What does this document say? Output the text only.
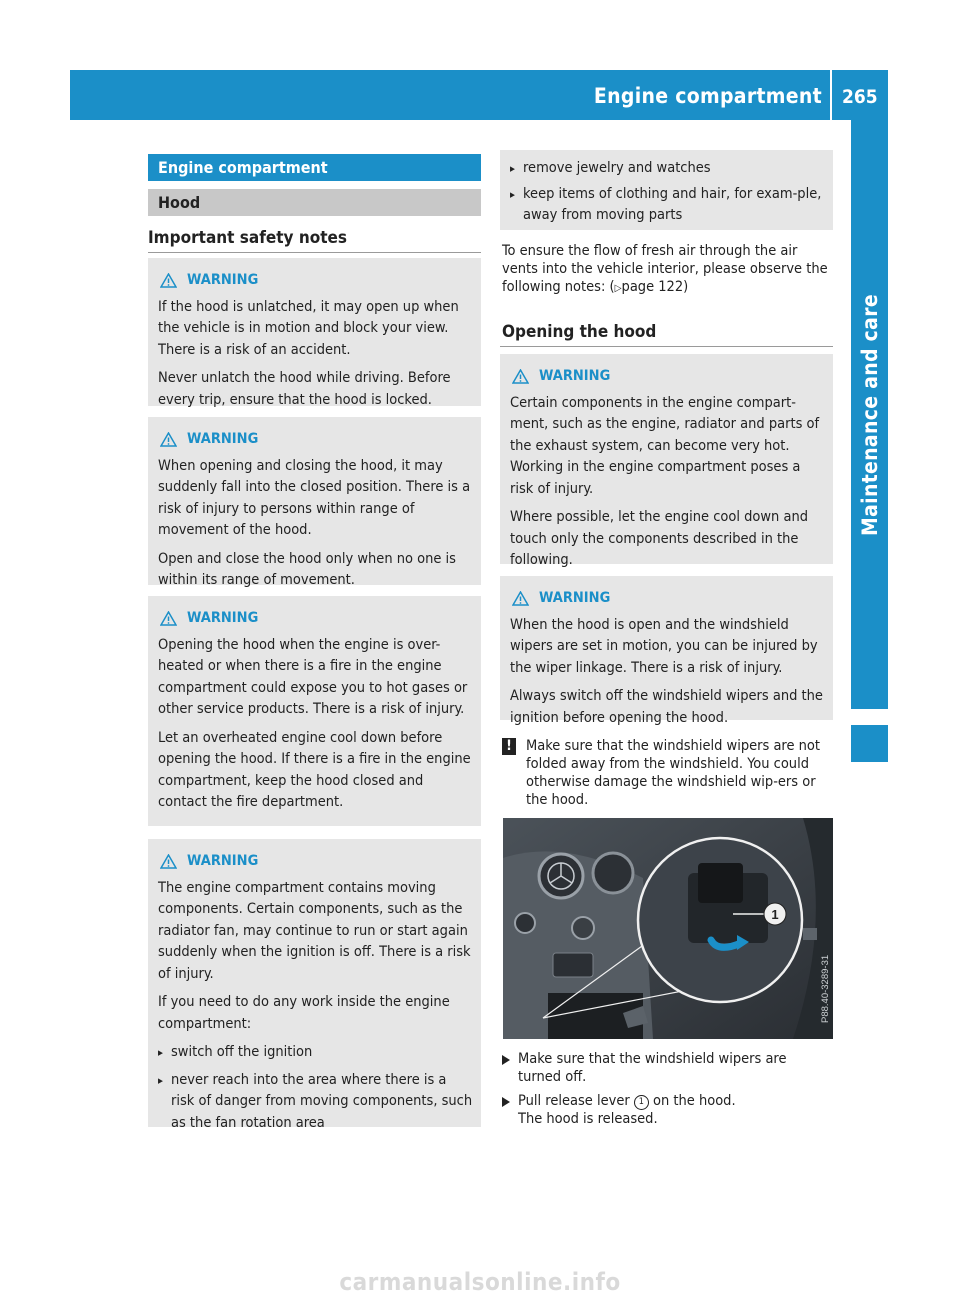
Engine compartment 265
Maintenance and care
Engine compartment
Hood
Important safety notes
WARNING

If the hood is unlatched, it may open up when the vehicle is in motion and block your view. There is a risk of an accident.

Never unlatch the hood while driving. Before every trip, ensure that the hood is locked.

WARNING

When opening and closing the hood, it may suddenly fall into the closed position. There is a risk of injury to persons within range of movement of the hood.

Open and close the hood only when no one is within its range of movement.

WARNING

Opening the hood when the engine is over-heated or when there is a fire in the engine compartment could expose you to hot gases or other service products. There is a risk of injury.

Let an overheated engine cool down before opening the hood. If there is a fire in the engine compartment, keep the hood closed and contact the fire department.

WARNING

The engine compartment contains moving components. Certain components, such as the radiator fan, may continue to run or start again suddenly when the ignition is off. There is a risk of injury.

If you need to do any work inside the engine compartment:

▸ switch off the ignition
▸ never reach into the area where there is a risk of danger from moving components, such as the fan rotation area
▸ remove jewelry and watches
▸ keep items of clothing and hair, for exam-ple, away from moving parts
To ensure the flow of fresh air through the air vents into the vehicle interior, please observe the following notes: (▷page 122)
Opening the hood
WARNING

Certain components in the engine compart-ment, such as the engine, radiator and parts of the exhaust system, can become very hot. Working in the engine compartment poses a risk of injury.

Where possible, let the engine cool down and touch only the components described in the following.

WARNING

When the hood is open and the windshield wipers are set in motion, you can be injured by the wiper linkage. There is a risk of injury.

Always switch off the windshield wipers and the ignition before opening the hood.

! Make sure that the windshield wipers are not folded away from the windshield. You could otherwise damage the windshield wip-ers or the hood.
1
P88.40-3289-31
Make sure that the windshield wipers are turned off.
Pull release lever 1 on the hood.
The hood is released.
carmanualsonline.info
